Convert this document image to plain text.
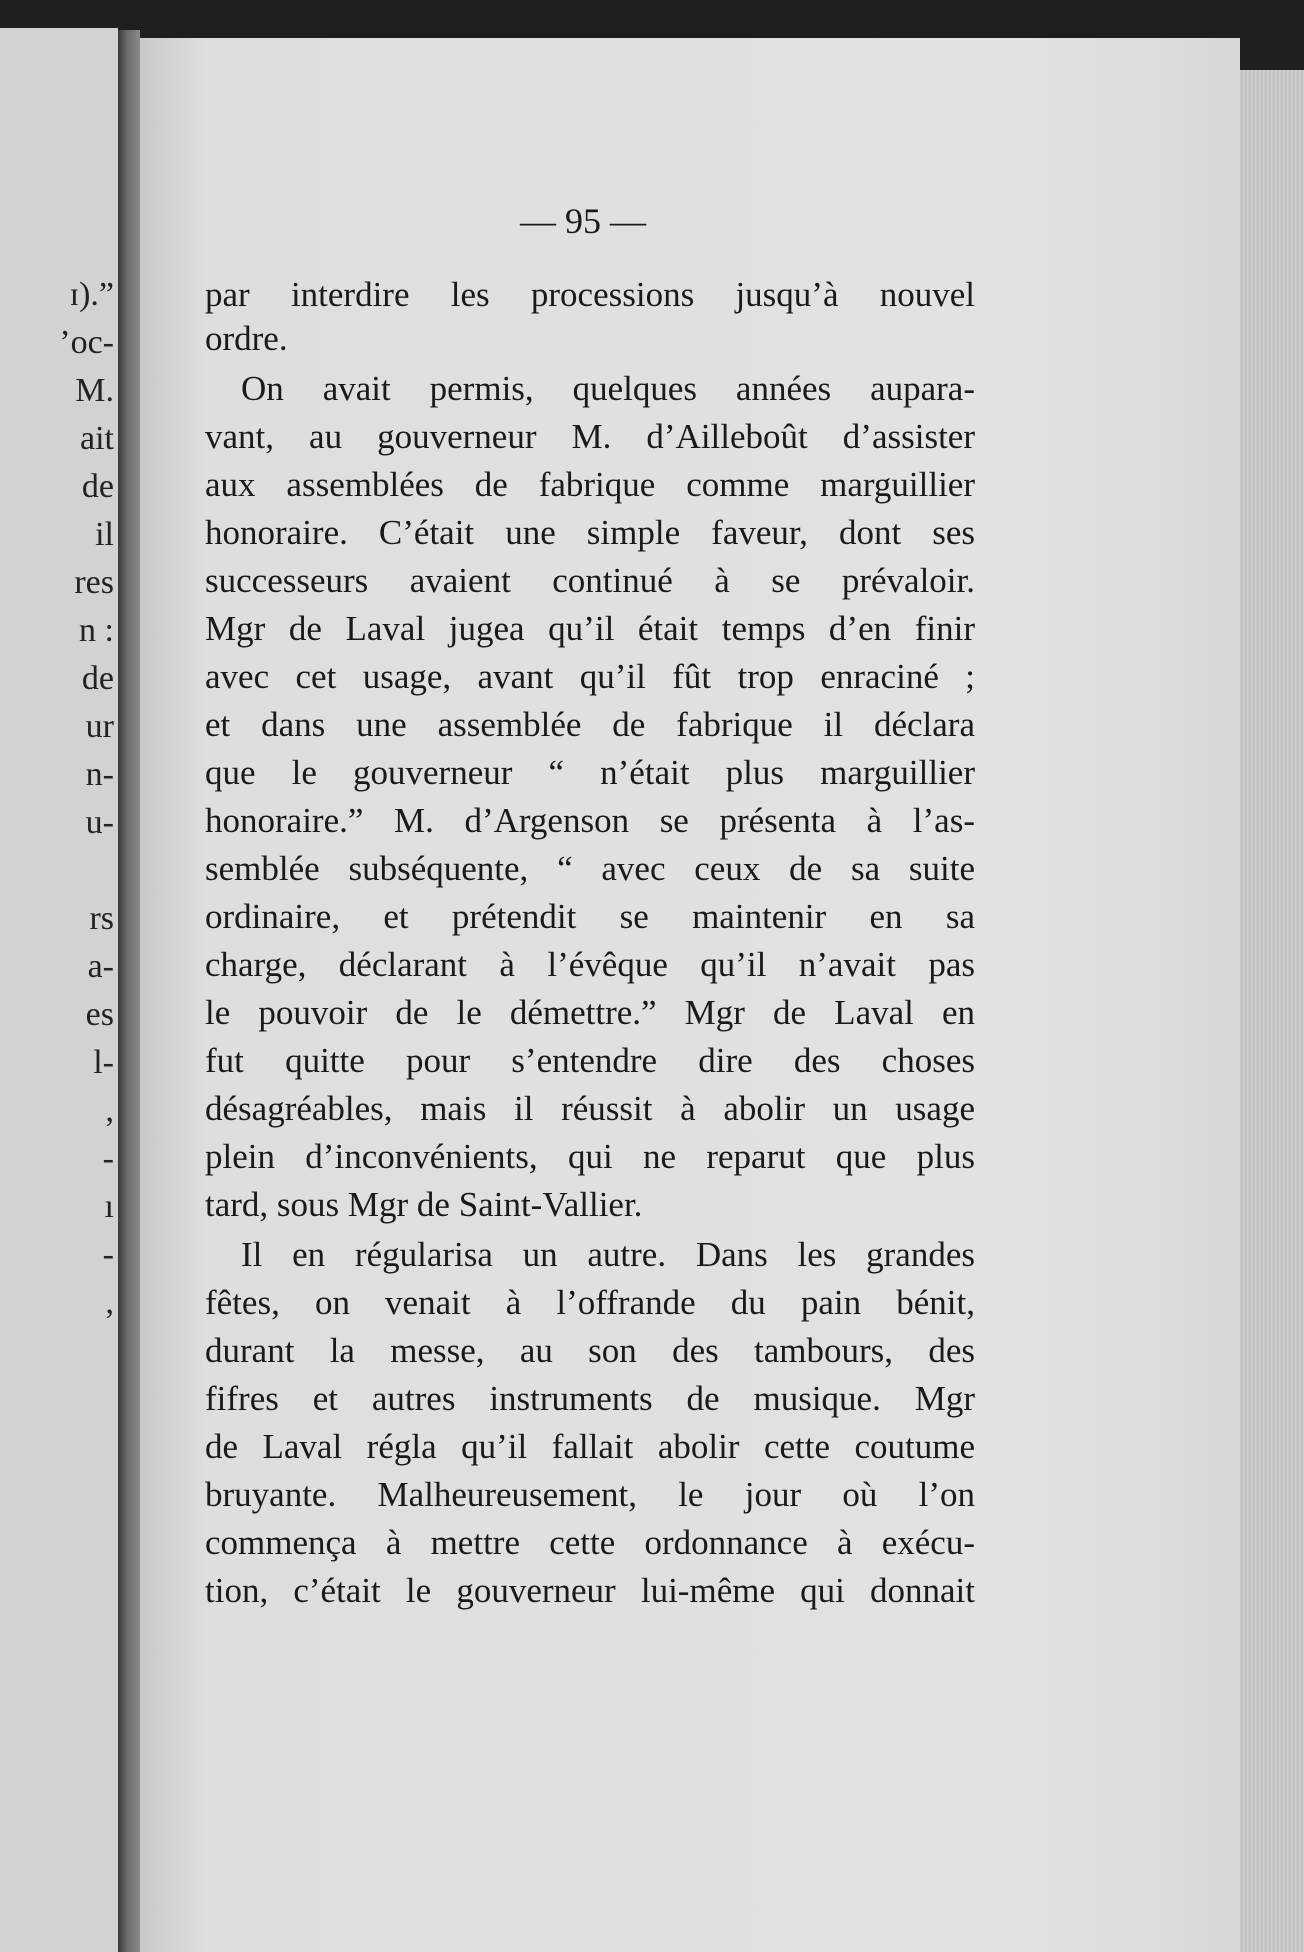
ɪ).”
’oc-
M.
ait
de
il
res
n :
de
ur
n-
u-
rs
a-
es
l-
,
-
ı
-
,
— 95 —
par interdire les processions jusqu’à nouvel
ordre.
On avait permis, quelques années aupara-
vant, au gouverneur M. d’Ailleboût d’assister
aux assemblées de fabrique comme marguillier
honoraire. C’était une simple faveur, dont ses
successeurs avaient continué à se prévaloir.
Mgr de Laval jugea qu’il était temps d’en finir
avec cet usage, avant qu’il fût trop enraciné ;
et dans une assemblée de fabrique il déclara
que le gouverneur “ n’était plus marguillier
honoraire.” M. d’Argenson se présenta à l’as-
semblée subséquente, “ avec ceux de sa suite
ordinaire, et prétendit se maintenir en sa
charge, déclarant à l’évêque qu’il n’avait pas
le pouvoir de le démettre.” Mgr de Laval en
fut quitte pour s’entendre dire des choses
désagréables, mais il réussit à abolir un usage
plein d’inconvénients, qui ne reparut que plus
tard, sous Mgr de Saint-Vallier.
Il en régularisa un autre. Dans les grandes
fêtes, on venait à l’offrande du pain bénit,
durant la messe, au son des tambours, des
fifres et autres instruments de musique. Mgr
de Laval régla qu’il fallait abolir cette coutume
bruyante. Malheureusement, le jour où l’on
commença à mettre cette ordonnance à exécu-
tion, c’était le gouverneur lui-même qui donnait
